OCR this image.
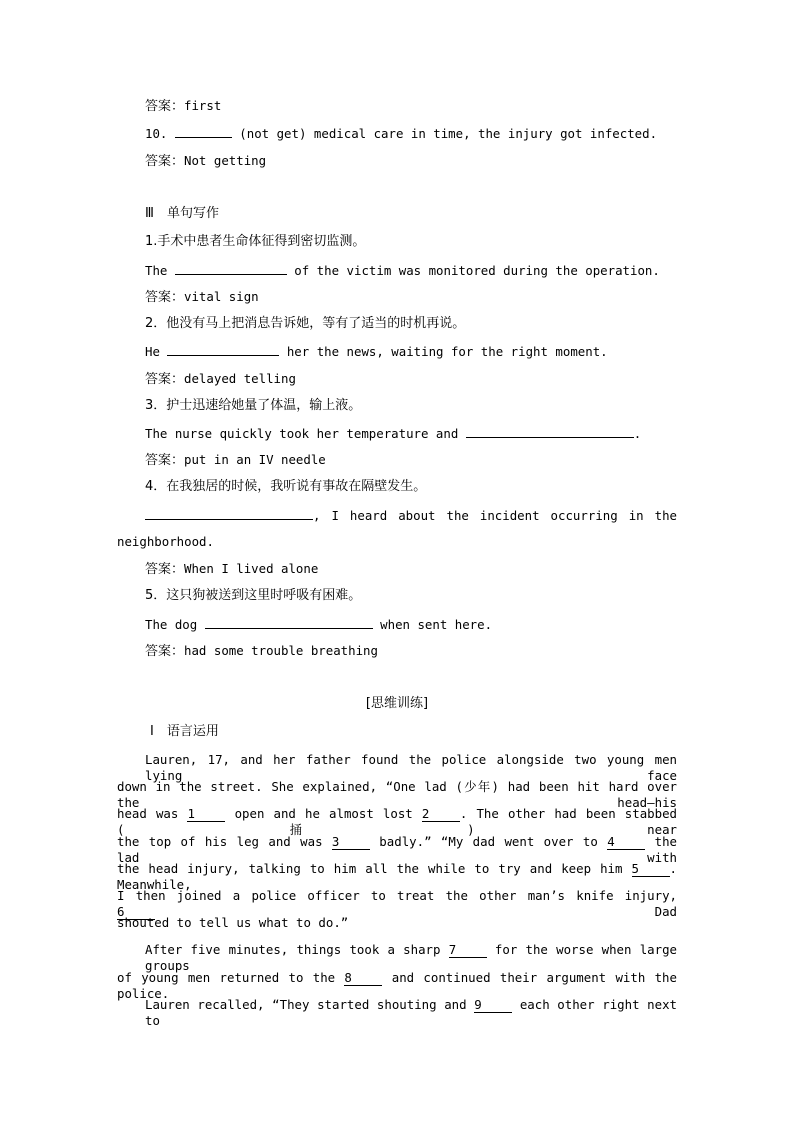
答案：first
10.	(not get) medical care in time, the injury got infected.
答案：Not getting
Ⅲ　单句写作
1.手术中患者生命体征得到密切监测。
The	of the victim was monitored during the operation.
答案：vital sign
2．他没有马上把消息告诉她，等有了适当的时机再说。
He	her the news, waiting for the right moment.
答案：delayed telling
3．护士迅速给她量了体温，输上液。
The nurse quickly took her temperature and	.
答案：put in an IV needle
4．在我独居的时候，我听说有事故在隔壁发生。
, I heard about the incident occurring in the
neighborhood.
答案：When I lived alone
5．这只狗被送到这里时呼吸有困难。
The dog	when sent here.
答案：had some trouble breathing
[思维训练]
Ⅰ　语言运用
Lauren, 17, and her father found the police alongside two young men lying face
down in the street. She explained, “One lad (少年) had been hit hard over the head—his
head was 1 open and he almost lost 2 . The other had been stabbed (捅) near
the top of his leg and was 3 badly.” “My dad went over to 4 the lad with
the head injury, talking to him all the while to try and keep him 5 . Meanwhile,
I then joined a police officer to treat the other man’s knife injury, 6 Dad
shouted to tell us what to do.”
After five minutes, things took a sharp 7 for the worse when large groups
of young men returned to the 8 and continued their argument with the police.
Lauren recalled, “They started shouting and 9 each other right next to
